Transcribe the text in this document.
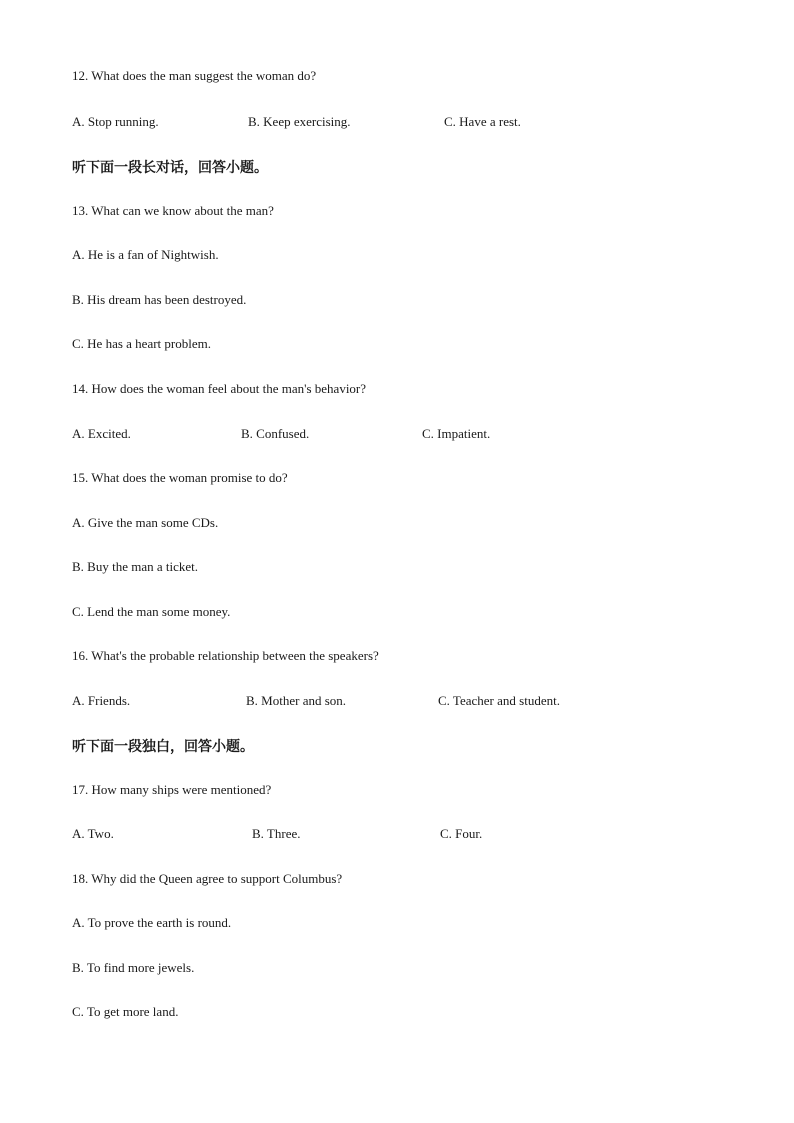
12. What does the man suggest the woman do?
A. Stop running.	B. Keep exercising.	C. Have a rest.
听下面一段长对话，回答小题。
13. What can we know about the man?
A. He is a fan of Nightwish.
B. His dream has been destroyed.
C. He has a heart problem.
14. How does the woman feel about the man's behavior?
A. Excited.	B. Confused.	C. Impatient.
15. What does the woman promise to do?
A. Give the man some CDs.
B. Buy the man a ticket.
C. Lend the man some money.
16. What's the probable relationship between the speakers?
A. Friends.	B. Mother and son.	C. Teacher and student.
听下面一段独白，回答小题。
17. How many ships were mentioned?
A. Two.	B. Three.	C. Four.
18. Why did the Queen agree to support Columbus?
A. To prove the earth is round.
B. To find more jewels.
C. To get more land.
